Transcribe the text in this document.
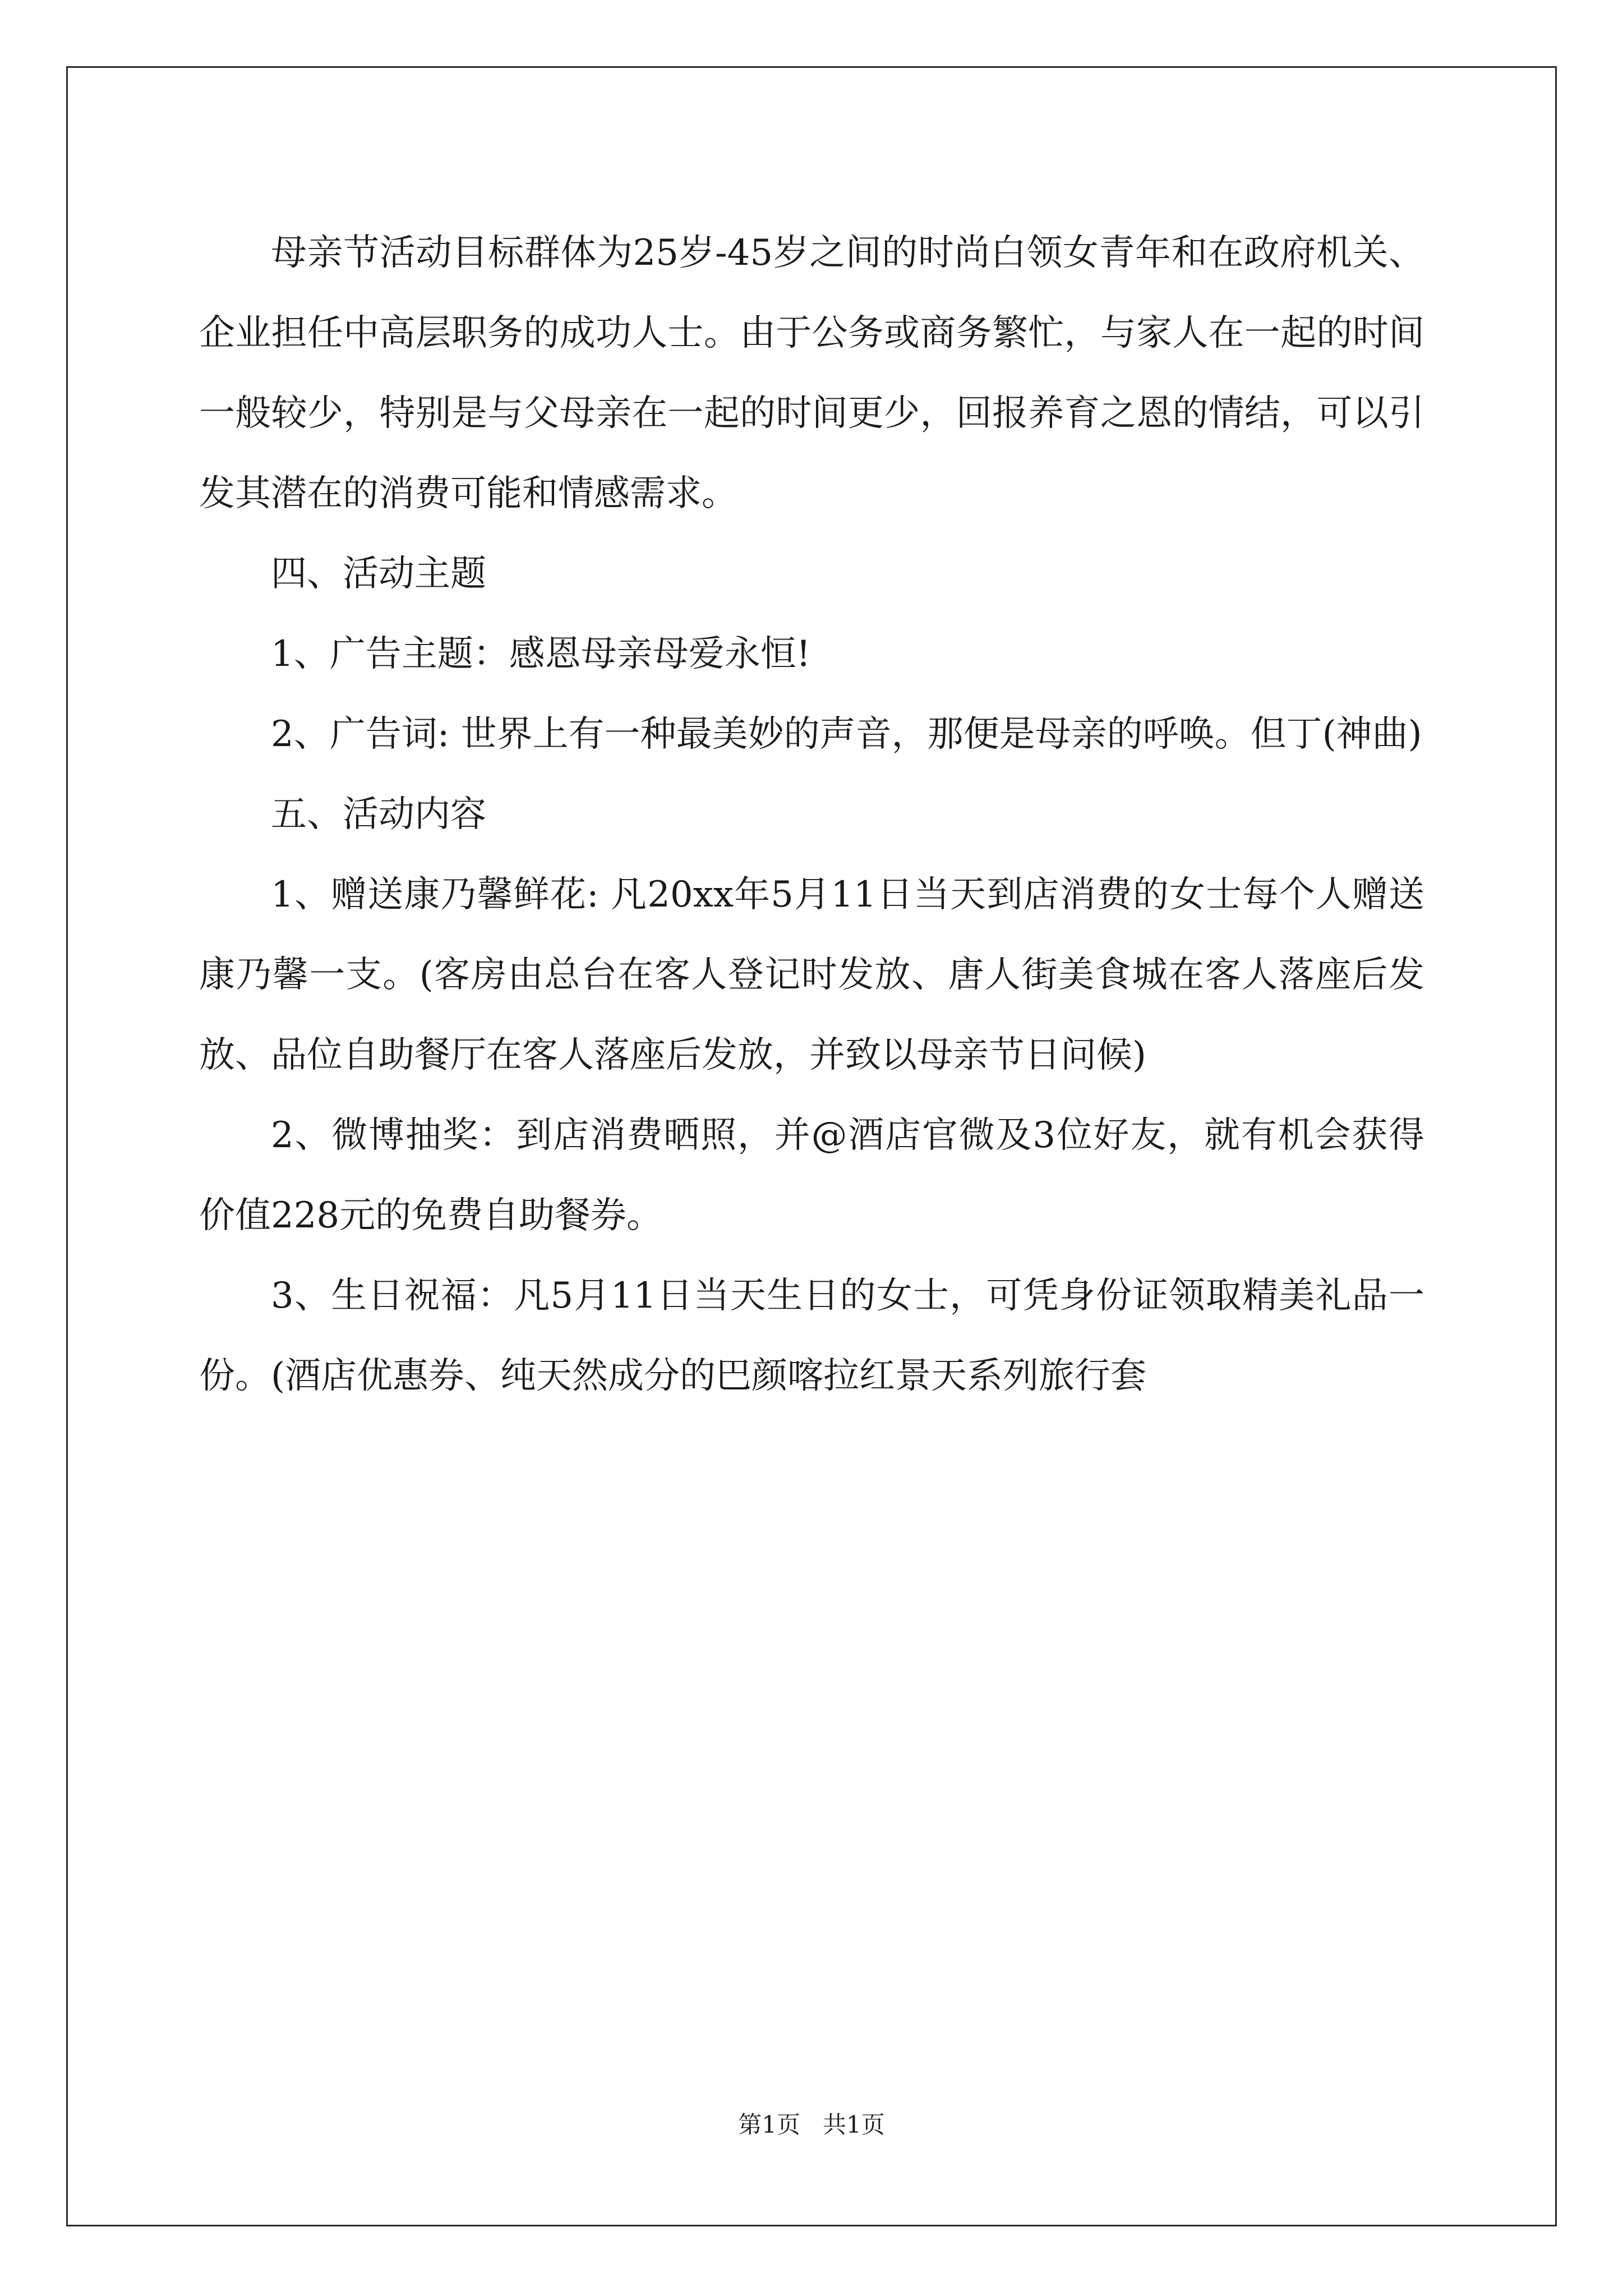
母亲节活动目标群体为25岁-45岁之间的时尚白领女青年和在政府机关、企业担任中高层职务的成功人士。由于公务或商务繁忙，与家人在一起的时间一般较少，特别是与父母亲在一起的时间更少，回报养育之恩的情结，可以引发其潜在的消费可能和情感需求。

四、活动主题

1、广告主题：感恩母亲母爱永恒!

2、广告词: 世界上有一种最美妙的声音，那便是母亲的呼唤。但丁(神曲)

五、活动内容

1、赠送康乃馨鲜花: 凡20xx年5月11日当天到店消费的女士每个人赠送康乃馨一支。(客房由总台在客人登记时发放、唐人街美食城在客人落座后发放、品位自助餐厅在客人落座后发放，并致以母亲节日问候)

2、微博抽奖：到店消费晒照，并@酒店官微及3位好友，就有机会获得价值228元的免费自助餐券。

3、生日祝福：凡5月11日当天生日的女士，可凭身份证领取精美礼品一份。(酒店优惠券、纯天然成分的巴颜喀拉红景天系列旅行套

第1页   共1页
